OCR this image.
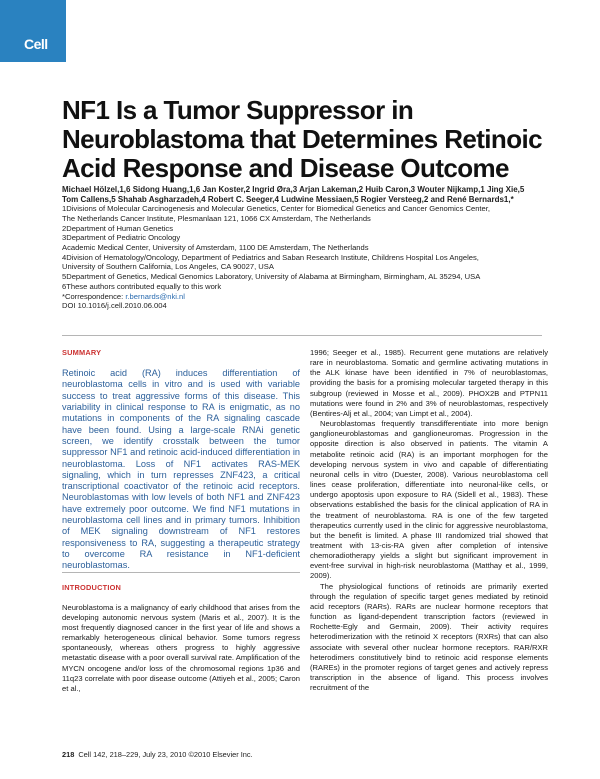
Cell
NF1 Is a Tumor Suppressor in Neuroblastoma that Determines Retinoic Acid Response and Disease Outcome
Michael Hölzel,1,6 Sidong Huang,1,6 Jan Koster,2 Ingrid Øra,3 Arjan Lakeman,2 Huib Caron,3 Wouter Nijkamp,1 Jing Xie,5
Tom Callens,5 Shahab Asgharzadeh,4 Robert C. Seeger,4 Ludwine Messiaen,5 Rogier Versteeg,2 and René Bernards1,*
1Divisions of Molecular Carcinogenesis and Molecular Genetics, Center for Biomedical Genetics and Cancer Genomics Center,
The Netherlands Cancer Institute, Plesmanlaan 121, 1066 CX Amsterdam, The Netherlands
2Department of Human Genetics
3Department of Pediatric Oncology
Academic Medical Center, University of Amsterdam, 1100 DE Amsterdam, The Netherlands
4Division of Hematology/Oncology, Department of Pediatrics and Saban Research Institute, Childrens Hospital Los Angeles,
University of Southern California, Los Angeles, CA 90027, USA
5Department of Genetics, Medical Genomics Laboratory, University of Alabama at Birmingham, Birmingham, AL 35294, USA
6These authors contributed equally to this work
*Correspondence: r.bernards@nki.nl
DOI 10.1016/j.cell.2010.06.004
SUMMARY

Retinoic acid (RA) induces differentiation of neuroblastoma cells in vitro and is used with variable success to treat aggressive forms of this disease. This variability in clinical response to RA is enigmatic, as no mutations in components of the RA signaling cascade have been found. Using a large-scale RNAi genetic screen, we identify crosstalk between the tumor suppressor NF1 and retinoic acid-induced differentiation in neuroblastoma. Loss of NF1 activates RAS-MEK signaling, which in turn represses ZNF423, a critical transcriptional coactivator of the retinoic acid receptors. Neuroblastomas with low levels of both NF1 and ZNF423 have extremely poor outcome. We find NF1 mutations in neuroblastoma cell lines and in primary tumors. Inhibition of MEK signaling downstream of NF1 restores responsiveness to RA, suggesting a therapeutic strategy to overcome RA resistance in NF1-deficient neuroblastomas.

INTRODUCTION

Neuroblastoma is a malignancy of early childhood that arises from the developing autonomic nervous system (Maris et al., 2007). It is the most frequently diagnosed cancer in the first year of life and shows a remarkably heterogeneous clinical behavior. Some tumors regress spontaneously, whereas others progress to highly aggressive metastatic disease with a poor overall survival rate. Amplification of the MYCN oncogene and/or loss of the chromosomal regions 1p36 and 11q23 correlate with poor disease outcome (Attiyeh et al., 2005; Caron et al.,

1996; Seeger et al., 1985). Recurrent gene mutations are relatively rare in neuroblastoma. Somatic and germline activating mutations in the ALK kinase have been identified in 7% of neuroblastomas, providing the basis for a promising molecular targeted therapy in this subgroup (reviewed in Mosse et al., 2009). PHOX2B and PTPN11 mutations were found in 2% and 3% of neuroblastomas, respectively (Bentires-Alj et al., 2004; van Limpt et al., 2004).

Neuroblastomas frequently transdifferentiate into more benign ganglioneuroblastomas and ganglioneuromas. Progression in the opposite direction is also observed in patients. The vitamin A metabolite retinoic acid (RA) is an important morphogen for the developing nervous system in vivo and capable of differentiating neuronal cells in vitro (Duester, 2008). Various neuroblastoma cell lines cease proliferation, differentiate into neuronal-like cells, or undergo apoptosis upon exposure to RA (Sidell et al., 1983). These observations established the basis for the clinical application of RA in the treatment of neuroblastoma. RA is one of the few targeted therapeutics currently used in the clinic for aggressive neuroblastoma, but the benefit is limited. A phase III randomized trial showed that treatment with 13-cis-RA given after completion of intensive chemoradiotherapy yields a slight but significant improvement in event-free survival in high-risk neuroblastoma (Matthay et al., 1999, 2009).

The physiological functions of retinoids are primarily exerted through the regulation of specific target genes mediated by retinoid acid receptors (RARs). RARs are nuclear hormone receptors that function as ligand-dependent transcription factors (reviewed in Rochette-Egly and Germain, 2009). Their activity requires heterodimerization with the retinoid X receptors (RXRs) that can also associate with several other nuclear hormone receptors. RAR/RXR heterodimers constitutively bind to retinoic acid response elements (RAREs) in the promoter regions of target genes and actively repress transcription in the absence of ligand. This process involves recruitment of the

218 Cell 142, 218–229, July 23, 2010 ©2010 Elsevier Inc.
